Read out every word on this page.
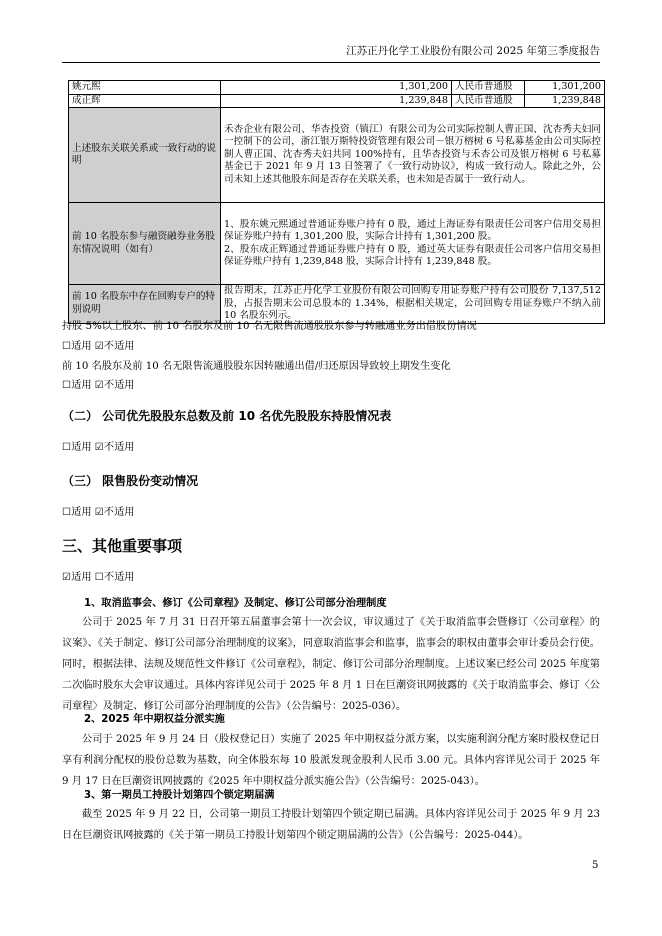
江苏正丹化学工业股份有限公司 2025 年第三季度报告
姚元熙	1,301,200	人民币普通股	1,301,200
成正辉	1,239,848	人民币普通股	1,239,848
上述股东关联关系或一致行动的说明	禾杏企业有限公司、华杏投资（镇江）有限公司为公司实际控制人曹正国、沈杏秀夫妇同一控制下的公司，浙江银万斯特投资管理有限公司－银万榕树 6 号私募基金由公司实际控制人曹正国、沈杏秀夫妇共同 100%持有，且华杏投资与禾杏公司及银万榕树 6 号私募基金已于 2021 年 9 月 13 日签署了《一致行动协议》，构成一致行动人。除此之外，公司未知上述其他股东间是否存在关联关系，也未知是否属于一致行动人。		
前 10 名股东参与融资融券业务股东情况说明（如有）	1、股东姚元熙通过普通证券账户持有 0 股，通过上海证券有限责任公司客户信用交易担保证券账户持有 1,301,200 股，实际合计持有 1,301,200 股。
2、股东成正辉通过普通证券账户持有 0 股，通过英大证券有限责任公司客户信用交易担保证券账户持有 1,239,848 股，实际合计持有 1,239,848 股。		
前 10 名股东中存在回购专户的特别说明	报告期末，江苏正丹化学工业股份有限公司回购专用证券账户持有公司股份 7,137,512 股，占报告期末公司总股本的 1.34%，根据相关规定，公司回购专用证券账户不纳入前 10 名股东列示。		
持股 5%以上股东、前 10 名股东及前 10 名无限售流通股股东参与转融通业务出借股份情况
☐适用 ☑不适用
前 10 名股东及前 10 名无限售流通股股东因转融通出借/归还原因导致较上期发生变化
☐适用 ☑不适用
（二） 公司优先股股东总数及前 10 名优先股股东持股情况表
☐适用 ☑不适用
（三） 限售股份变动情况
☐适用 ☑不适用
三、其他重要事项
☑适用 ☐不适用
1、取消监事会、修订《公司章程》及制定、修订公司部分治理制度
公司于 2025 年 7 月 31 日召开第五届董事会第十一次会议，审议通过了《关于取消监事会暨修订〈公司章程〉的议案》、《关于制定、修订公司部分治理制度的议案》，同意取消监事会和监事，监事会的职权由董事会审计委员会行使。同时，根据法律、法规及规范性文件修订《公司章程》，制定、修订公司部分治理制度。上述议案已经公司 2025 年度第二次临时股东大会审议通过。具体内容详见公司于 2025 年 8 月 1 日在巨潮资讯网披露的《关于取消监事会、修订〈公司章程〉及制定、修订公司部分治理制度的公告》（公告编号：2025-036）。
2、2025 年中期权益分派实施
公司于 2025 年 9 月 24 日（股权登记日）实施了 2025 年中期权益分派方案，以实施利润分配方案时股权登记日享有利润分配权的股份总数为基数，向全体股东每 10 股派发现金股利人民币 3.00 元。具体内容详见公司于 2025 年 9 月 17 日在巨潮资讯网披露的《2025 年中期权益分派实施公告》（公告编号：2025-043）。
3、第一期员工持股计划第四个锁定期届满
截至 2025 年 9 月 22 日，公司第一期员工持股计划第四个锁定期已届满。具体内容详见公司于 2025 年 9 月 23 日在巨潮资讯网披露的《关于第一期员工持股计划第四个锁定期届满的公告》（公告编号：2025-044）。
5
